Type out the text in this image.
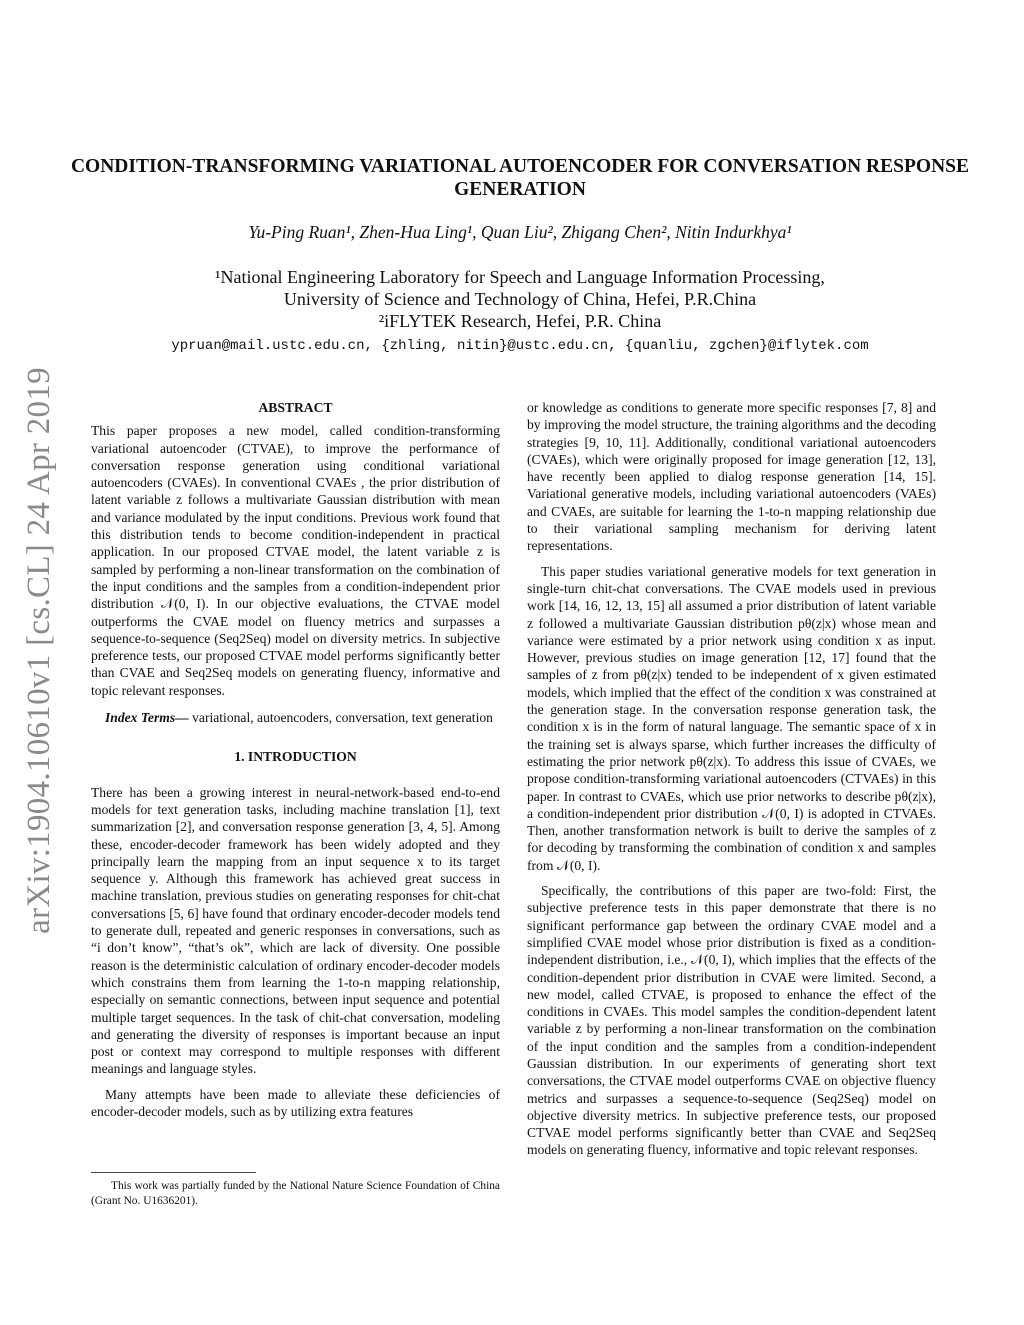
arXiv:1904.10610v1 [cs.CL] 24 Apr 2019
CONDITION-TRANSFORMING VARIATIONAL AUTOENCODER FOR CONVERSATION RESPONSE GENERATION
Yu-Ping Ruan¹, Zhen-Hua Ling¹, Quan Liu², Zhigang Chen², Nitin Indurkhya¹
¹National Engineering Laboratory for Speech and Language Information Processing,
University of Science and Technology of China, Hefei, P.R.China
²iFLYTEK Research, Hefei, P.R. China
ypruan@mail.ustc.edu.cn, {zhling, nitin}@ustc.edu.cn, {quanliu, zgchen}@iflytek.com
ABSTRACT

This paper proposes a new model, called condition-transforming variational autoencoder (CTVAE), to improve the performance of conversation response generation using conditional variational autoencoders (CVAEs). In conventional CVAEs , the prior distribution of latent variable z follows a multivariate Gaussian distribution with mean and variance modulated by the input conditions. Previous work found that this distribution tends to become condition-independent in practical application. In our proposed CTVAE model, the latent variable z is sampled by performing a non-linear transformation on the combination of the input conditions and the samples from a condition-independent prior distribution 𝒩(0, I). In our objective evaluations, the CTVAE model outperforms the CVAE model on fluency metrics and surpasses a sequence-to-sequence (Seq2Seq) model on diversity metrics. In subjective preference tests, our proposed CTVAE model performs significantly better than CVAE and Seq2Seq models on generating fluency, informative and topic relevant responses.

Index Terms— variational, autoencoders, conversation, text generation

1. INTRODUCTION

There has been a growing interest in neural-network-based end-to-end models for text generation tasks, including machine translation [1], text summarization [2], and conversation response generation [3, 4, 5]. Among these, encoder-decoder framework has been widely adopted and they principally learn the mapping from an input sequence x to its target sequence y. Although this framework has achieved great success in machine translation, previous studies on generating responses for chit-chat conversations [5, 6] have found that ordinary encoder-decoder models tend to generate dull, repeated and generic responses in conversations, such as “i don’t know”, “that’s ok”, which are lack of diversity. One possible reason is the deterministic calculation of ordinary encoder-decoder models which constrains them from learning the 1-to-n mapping relationship, especially on semantic connections, between input sequence and potential multiple target sequences. In the task of chit-chat conversation, modeling and generating the diversity of responses is important because an input post or context may correspond to multiple responses with different meanings and language styles.

Many attempts have been made to alleviate these deficiencies of encoder-decoder models, such as by utilizing extra features

This work was partially funded by the National Nature Science Foundation of China (Grant No. U1636201).

or knowledge as conditions to generate more specific responses [7, 8] and by improving the model structure, the training algorithms and the decoding strategies [9, 10, 11]. Additionally, conditional variational autoencoders (CVAEs), which were originally proposed for image generation [12, 13], have recently been applied to dialog response generation [14, 15]. Variational generative models, including variational autoencoders (VAEs) and CVAEs, are suitable for learning the 1-to-n mapping relationship due to their variational sampling mechanism for deriving latent representations.

This paper studies variational generative models for text generation in single-turn chit-chat conversations. The CVAE models used in previous work [14, 16, 12, 13, 15] all assumed a prior distribution of latent variable z followed a multivariate Gaussian distribution pθ(z|x) whose mean and variance were estimated by a prior network using condition x as input. However, previous studies on image generation [12, 17] found that the samples of z from pθ(z|x) tended to be independent of x given estimated models, which implied that the effect of the condition x was constrained at the generation stage. In the conversation response generation task, the condition x is in the form of natural language. The semantic space of x in the training set is always sparse, which further increases the difficulty of estimating the prior network pθ(z|x). To address this issue of CVAEs, we propose condition-transforming variational autoencoders (CTVAEs) in this paper. In contrast to CVAEs, which use prior networks to describe pθ(z|x), a condition-independent prior distribution 𝒩(0, I) is adopted in CTVAEs. Then, another transformation network is built to derive the samples of z for decoding by transforming the combination of condition x and samples from 𝒩(0, I).

Specifically, the contributions of this paper are two-fold: First, the subjective preference tests in this paper demonstrate that there is no significant performance gap between the ordinary CVAE model and a simplified CVAE model whose prior distribution is fixed as a condition-independent distribution, i.e., 𝒩(0, I), which implies that the effects of the condition-dependent prior distribution in CVAE were limited. Second, a new model, called CTVAE, is proposed to enhance the effect of the conditions in CVAEs. This model samples the condition-dependent latent variable z by performing a non-linear transformation on the combination of the input condition and the samples from a condition-independent Gaussian distribution. In our experiments of generating short text conversations, the CTVAE model outperforms CVAE on objective fluency metrics and surpasses a sequence-to-sequence (Seq2Seq) model on objective diversity metrics. In subjective preference tests, our proposed CTVAE model performs significantly better than CVAE and Seq2Seq models on generating fluency, informative and topic relevant responses.
